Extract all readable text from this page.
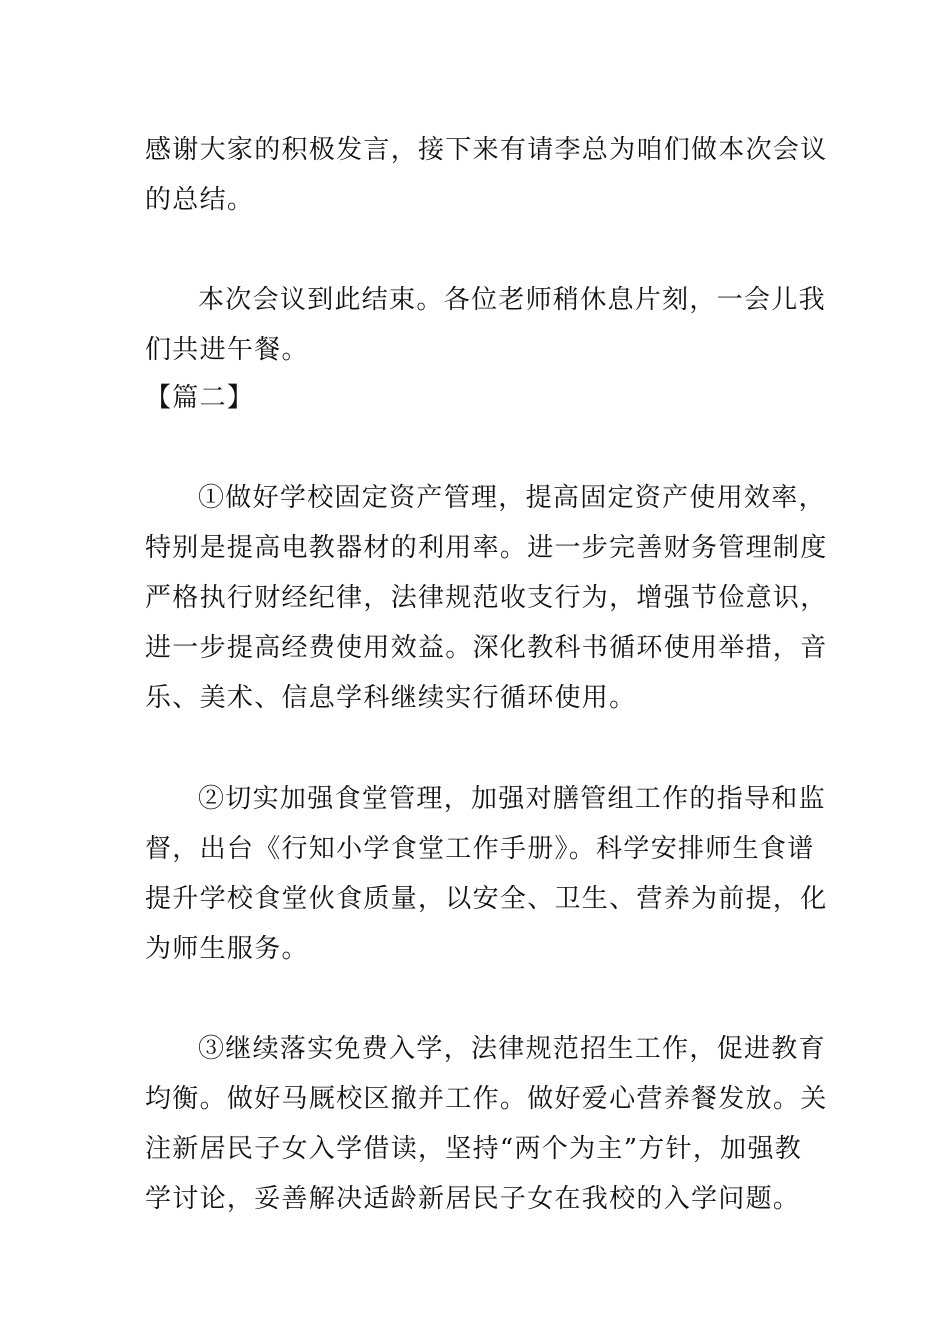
感谢大家的积极发言，接下来有请李总为咱们做本次会议
的总结。
本次会议到此结束。各位老师稍休息片刻，一会儿我
们共进午餐。
【篇二】
①做好学校固定资产管理，提高固定资产使用效率，
特别是提高电教器材的利用率。进一步完善财务管理制度
严格执行财经纪律，法律规范收支行为，增强节俭意识，
进一步提高经费使用效益。深化教科书循环使用举措，音
乐、美术、信息学科继续实行循环使用。
②切实加强食堂管理，加强对膳管组工作的指导和监
督，出台《行知小学食堂工作手册》。科学安排师生食谱
提升学校食堂伙食质量，以安全、卫生、营养为前提，化
为师生服务。
③继续落实免费入学，法律规范招生工作，促进教育
均衡。做好马厩校区撤并工作。做好爱心营养餐发放。关
注新居民子女入学借读，坚持“两个为主”方针，加强教
学讨论，妥善解决适龄新居民子女在我校的入学问题。
